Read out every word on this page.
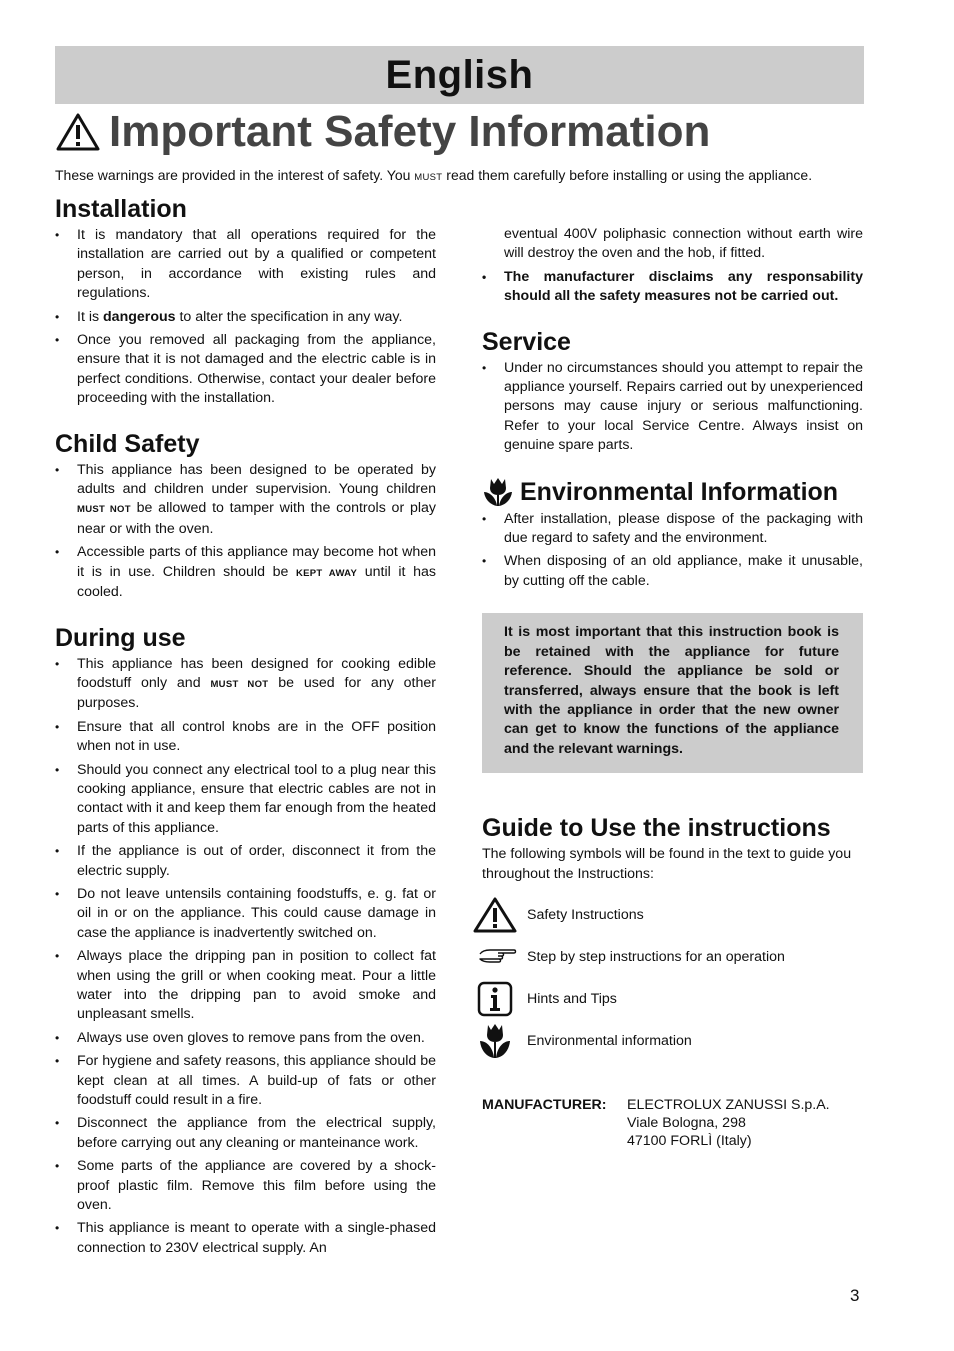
English
Important Safety Information
These warnings are provided in the interest of safety. You MUST read them carefully before installing or using the appliance.
Installation
• It is mandatory that all operations required for the installation are carried out by a qualified or competent person, in accordance with existing rules and regulations.
• It is dangerous to alter the specification in any way.
• Once you removed all packaging from the appliance, ensure that it is not damaged and the electric cable is in perfect conditions. Otherwise, contact your dealer before proceeding with the installation.
Child Safety
• This appliance has been designed to be operated by adults and children under supervision. Young children MUST NOT be allowed to tamper with the controls or play near or with the oven.
• Accessible parts of this appliance may become hot when it is in use. Children should be KEPT AWAY until it has cooled.
During use
• This appliance has been designed for cooking edible foodstuff only and MUST NOT be used for any other purposes.
• Ensure that all control knobs are in the OFF position when not in use.
• Should you connect any electrical tool to a plug near this cooking appliance, ensure that electric cables are not in contact with it and keep them far enough from the heated parts of this appliance.
• If the appliance is out of order, disconnect it from the electric supply.
• Do not leave untensils containing foodstuffs, e. g. fat or oil in or on the appliance. This could cause damage in case the appliance is inadvertently switched on.
• Always place the dripping pan in position to collect fat when using the grill or when cooking meat. Pour a little water into the dripping pan to avoid smoke and unpleasant smells.
• Always use oven gloves to remove pans from the oven.
• For hygiene and safety reasons, this appliance should be kept clean at all times. A build-up of fats or other foodstuff could result in a fire.
• Disconnect the appliance from the electrical supply, before carrying out any cleaning or manteinance work.
• Some parts of the appliance are covered by a shock-proof plastic film. Remove this film before using the oven.
• This appliance is meant to operate with a single-phased connection to 230V electrical supply. An
eventual 400V poliphasic connection without earth wire will destroy the oven and the hob, if fitted.
• The manufacturer disclaims any responsability should all the safety measures not be carried out.
Service
• Under no circumstances should you attempt to repair the appliance yourself. Repairs carried out by unexperienced persons may cause injury or serious malfunctioning. Refer to your local Service Centre. Always insist on genuine spare parts.
Environmental Information
• After installation, please dispose of the packaging with due regard to safety and the environment.
• When disposing of an old appliance, make it unusable, by cutting off the cable.
It is most important that this instruction book is be retained with the appliance for future reference. Should the appliance be sold or transferred, always ensure that the book is left with the appliance in order that the new owner can get to know the functions of the appliance and the relevant warnings.
Guide to Use the instructions
The following symbols will be found in the text to guide you throughout the Instructions:
Safety Instructions
Step by step instructions for an operation
Hints and Tips
Environmental information
MANUFACTURER:	ELECTROLUX ZANUSSI S.p.A.
Viale Bologna, 298
47100 FORLÌ (Italy)
3
